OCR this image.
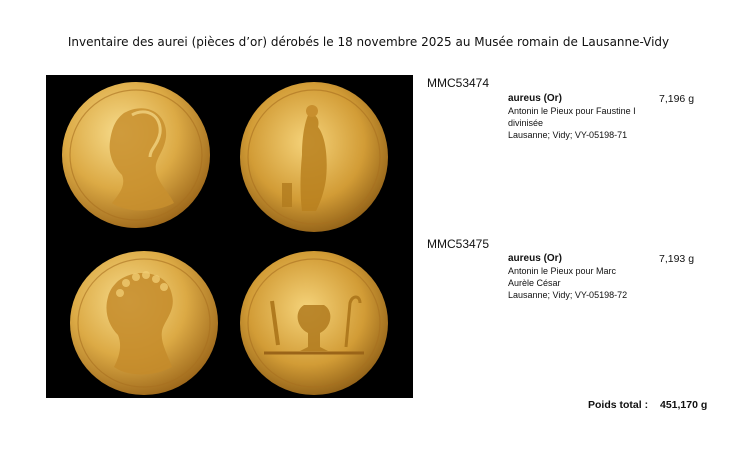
Inventaire des aurei (pièces d’or) dérobés le 18 novembre 2025 au Musée romain de Lausanne-Vidy
MMC53474
aureus (Or)
Antonin le Pieux pour Faustine I
divinisée
Lausanne; Vidy; VY-05198-71
7,196 g
MMC53475
aureus (Or)
Antonin le Pieux pour Marc
Aurèle César
Lausanne; Vidy; VY-05198-72
7,193 g
Poids total : 451,170 g
